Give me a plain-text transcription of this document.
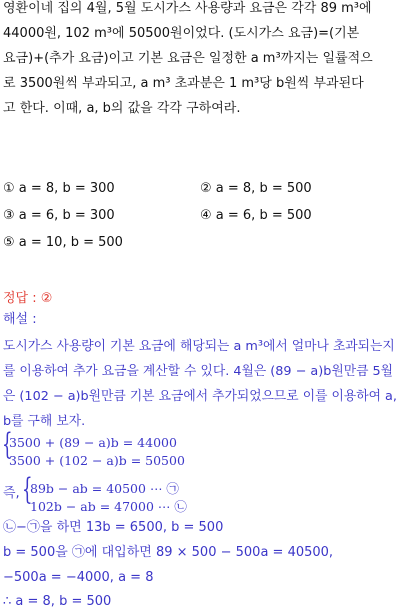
영환이네 집의 4월, 5월 도시가스 사용량과 요금은 각각 89 m³에
44000원, 102 m³에 50500원이었다. (도시가스 요금)=(기본
요금)+(추가 요금)이고 기본 요금은 일정한 a m³까지는 일률적으
로 3500원씩 부과되고, a m³ 초과분은 1 m³당 b원씩 부과된다
고 한다. 이때, a, b의 값을 각각 구하여라.
① a = 8, b = 300	② a = 8, b = 500
③ a = 6, b = 300	④ a = 6, b = 500
⑤ a = 10, b = 500
정답 : ②
해설 :
도시가스 사용량이 기본 요금에 해당되는 a m³에서 얼마나 초과되는지
를 이용하여 추가 요금을 계산할 수 있다. 4월은 (89 − a)b원만큼 5월
은 (102 − a)b원만큼 기본 요금에서 추가되었으므로 이를 이용하여 a,
b를 구해 보자.
{
3500 + (89 − a)b = 44000
3500 + (102 − a)b = 50500
즉, {
89b − ab = 40500 ⋯ ㉠
102b − ab = 47000 ⋯ ㉡
㉡−㉠을 하면 13b = 6500, b = 500
b = 500을 ㉠에 대입하면 89 × 500 − 500a = 40500,
−500a = −4000, a = 8
∴ a = 8, b = 500
